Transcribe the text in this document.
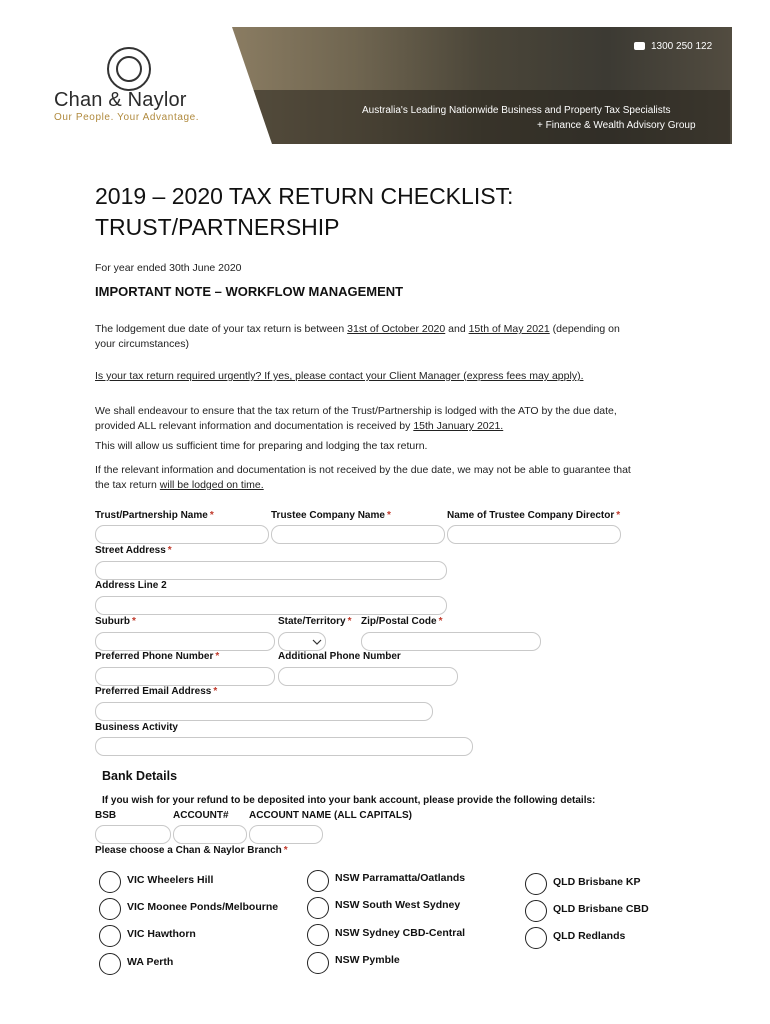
Chan & Naylor
Our People. Your Advantage.
1300 250 122
Australia's Leading Nationwide Business and Property Tax Specialists
+ Finance & Wealth Advisory Group
2019 – 2020 TAX RETURN CHECKLIST:
TRUST/PARTNERSHIP
For year ended 30th June 2020
IMPORTANT NOTE – WORKFLOW MANAGEMENT
The lodgement due date of your tax return is between 31st of October 2020 and 15th of May 2021 (depending on
your circumstances)
Is your tax return required urgently? If yes, please contact your Client Manager (express fees may apply).
We shall endeavour to ensure that the tax return of the Trust/Partnership is lodged with the ATO by the due date,
provided ALL relevant information and documentation is received by 15th January 2021.
This will allow us sufficient time for preparing and lodging the tax return.
If the relevant information and documentation is not received by the due date, we may not be able to guarantee that
the tax return will be lodged on time.
Trust/Partnership Name *	Trustee Company Name *	Name of Trustee Company Director *
Street Address *
Address Line 2
Suburb *	State/Territory * Zip/Postal Code *
Preferred Phone Number *	Additional Phone Number
Preferred Email Address *
Business Activity
Bank Details
If you wish for your refund to be deposited into your bank account, please provide the following details:
BSB	ACCOUNT# ACCOUNT NAME (ALL CAPITALS)
Please choose a Chan & Naylor Branch *
VIC Wheelers Hill
VIC Moonee Ponds/Melbourne
VIC Hawthorn
WA Perth
NSW Parramatta/Oatlands
NSW South West Sydney
NSW Sydney CBD-Central
NSW Pymble
QLD Brisbane KP
QLD Brisbane CBD
QLD Redlands
